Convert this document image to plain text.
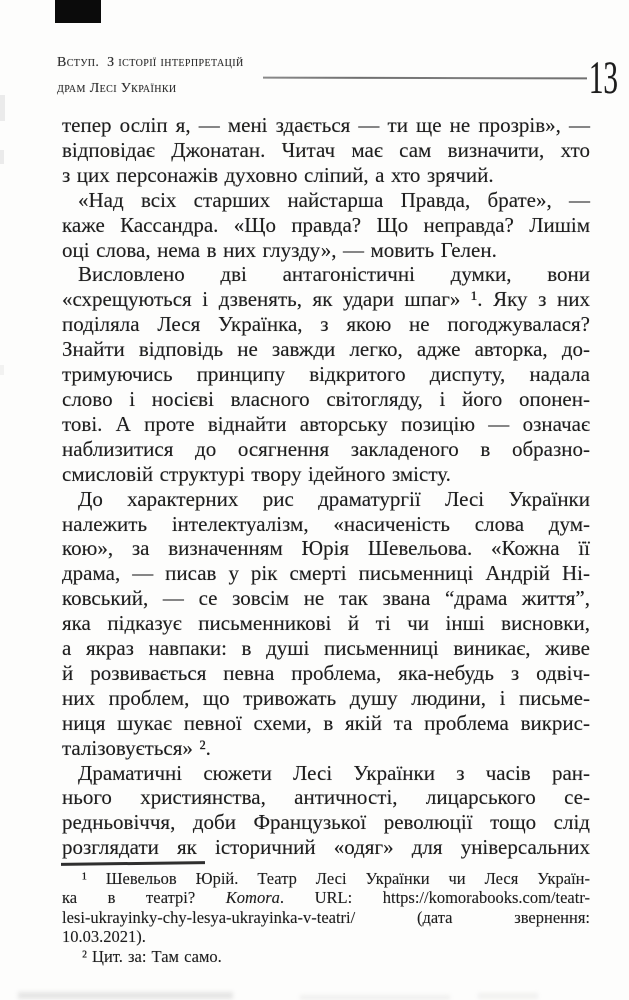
Вступ.  З історії інтерпретацій
драм Лесі Українки	13
тепер осліп я, — мені здається — ти ще не прозрів», —
відповідає Джонатан. Читач має сам визначити, хто
з цих персонажів духовно сліпий, а хто зрячий.
«Над всіх старших найстарша Правда, брате», —
каже Кассандра. «Що правда? Що неправда? Лишім
оці слова, нема в них глузду», — мовить Гелен.
Висловлено дві антагоністичні думки, вони
«схрещуються і дзвенять, як удари шпаг» ¹. Яку з них
поділяла Леся Українка, з якою не погоджувалася?
Знайти відповідь не завжди легко, адже авторка, до-
тримуючись принципу відкритого диспуту, надала
слово і носієві власного світогляду, і його опонен-
тові. А проте віднайти авторську позицію — означає
наблизитися до осягнення закладеного в образно-
смисловій структурі твору ідейного змісту.
До характерних рис драматургії Лесі Українки
належить інтелектуалізм, «насиченість слова дум-
кою», за визначенням Юрія Шевельова. «Кожна її
драма, — писав у рік смерті письменниці Андрій Ні-
ковський, — се зовсім не так звана “драма життя”,
яка підказує письменникові й ті чи інші висновки,
а якраз навпаки: в душі письменниці виникає, живе
й розвивається певна проблема, яка-небудь з одвіч-
них проблем, що тривожать душу людини, і письме-
ниця шукає певної схеми, в якій та проблема викрис-
талізовується» ².
Драматичні сюжети Лесі Українки з часів ран-
нього християнства, античності, лицарського се-
редньовіччя, доби Французької революції тощо слід
розглядати як історичний «одяг» для універсальних
¹ Шевельов Юрій. Театр Лесі Українки чи Леся Україн-
ка в театрі? Komora. URL: https://komorabooks.com/teatr-
lesi-ukrayinky-chy-lesya-ukrayinka-v-teatri/ (дата звернення:
10.03.2021).
² Цит. за: Там само.
